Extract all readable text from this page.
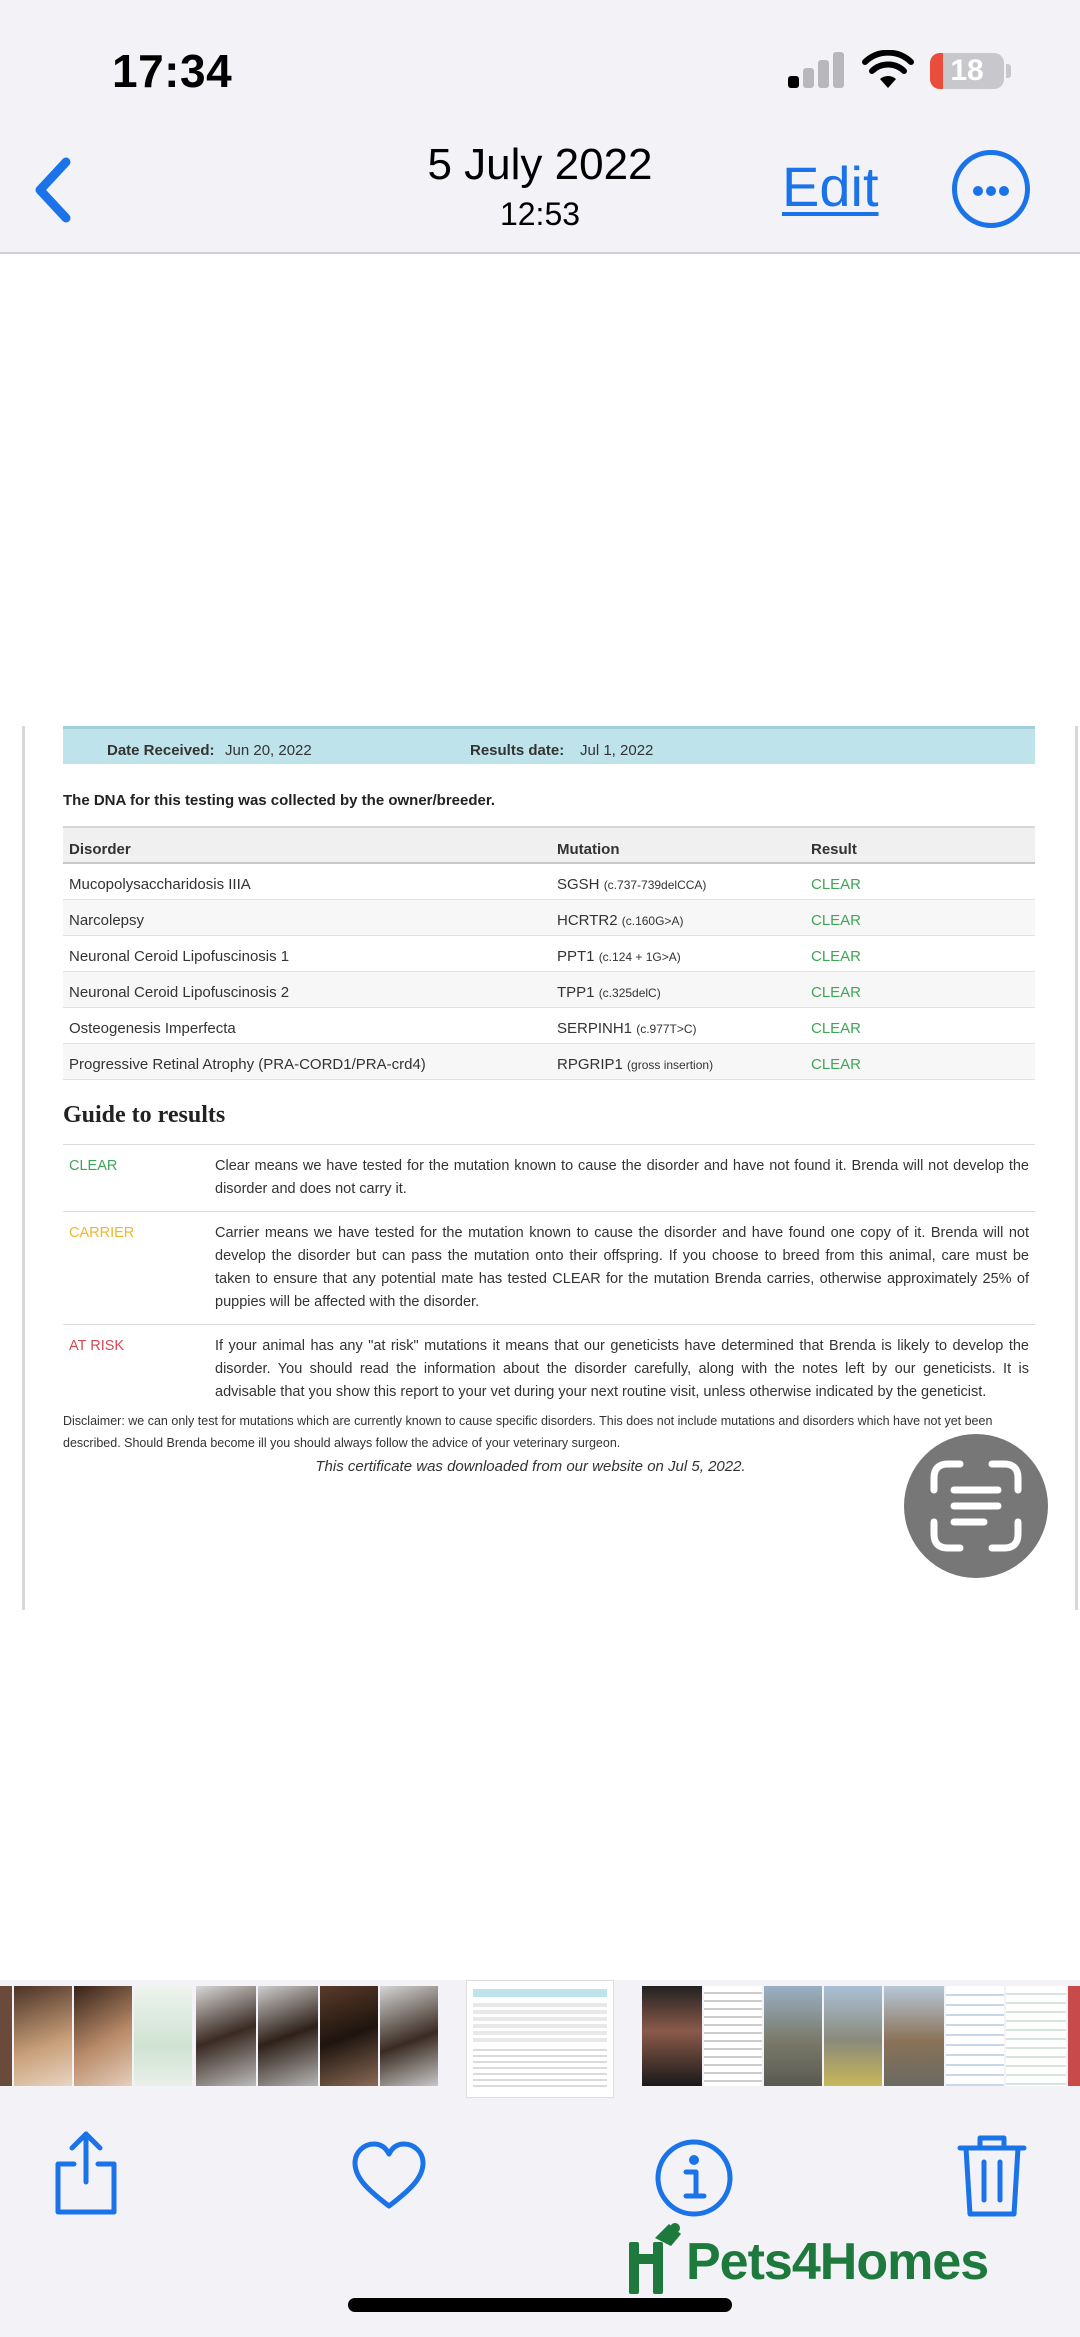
17:34	18
5 July 2022
12:53	Edit
Date Received: Jun 20, 2022	Results date: Jul 1, 2022
The DNA for this testing was collected by the owner/breeder.
Disorder	Mutation	Result
Mucopolysaccharidosis IIIA	SGSH (c.737-739delCCA)	CLEAR
Narcolepsy	HCRTR2 (c.160G>A)	CLEAR
Neuronal Ceroid Lipofuscinosis 1	PPT1 (c.124 + 1G>A)	CLEAR
Neuronal Ceroid Lipofuscinosis 2	TPP1 (c.325delC)	CLEAR
Osteogenesis Imperfecta	SERPINH1 (c.977T>C)	CLEAR
Progressive Retinal Atrophy (PRA-CORD1/PRA-crd4)	RPGRIP1 (gross insertion)	CLEAR
Guide to results
CLEAR	Clear means we have tested for the mutation known to cause the disorder and have not found it. Brenda will not develop the disorder and does not carry it.
CARRIER	Carrier means we have tested for the mutation known to cause the disorder and have found one copy of it. Brenda will not develop the disorder but can pass the mutation onto their offspring. If you choose to breed from this animal, care must be taken to ensure that any potential mate has tested CLEAR for the mutation Brenda carries, otherwise approximately 25% of puppies will be affected with the disorder.
AT RISK	If your animal has any "at risk" mutations it means that our geneticists have determined that Brenda is likely to develop the disorder. You should read the information about the disorder carefully, along with the notes left by our geneticists. It is advisable that you show this report to your vet during your next routine visit, unless otherwise indicated by the geneticist.
Disclaimer: we can only test for mutations which are currently known to cause specific disorders. This does not include mutations and disorders which have not yet been described. Should Brenda become ill you should always follow the advice of your veterinary surgeon.
This certificate was downloaded from our website on Jul 5, 2022.
Pets4Homes
